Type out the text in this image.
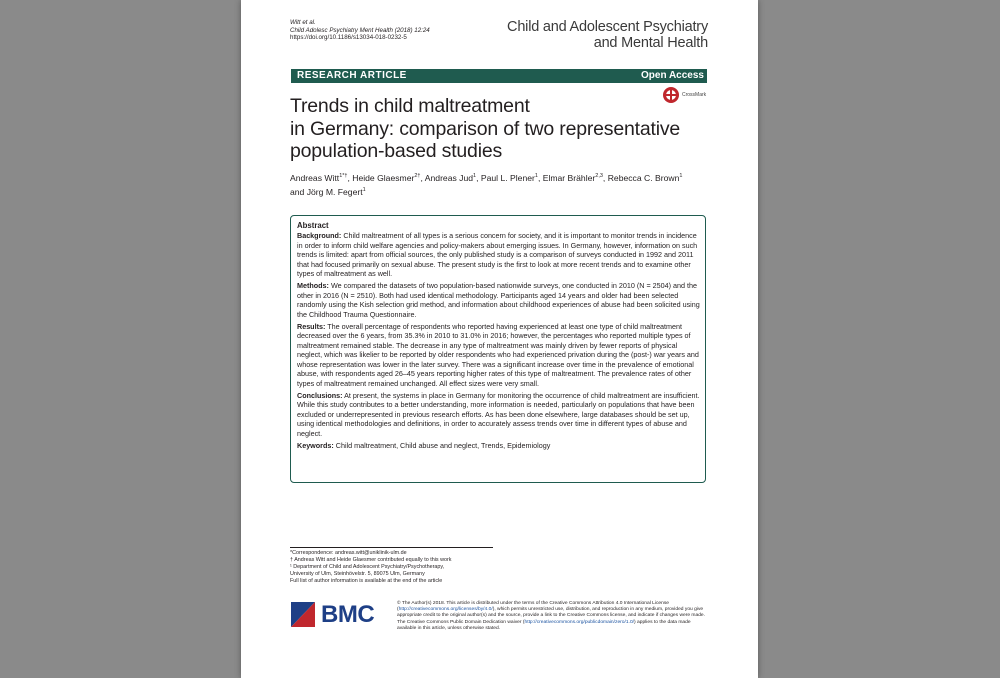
Witt et al.
Child Adolesc Psychiatry Ment Health (2018) 12:24
https://doi.org/10.1186/s13034-018-0232-5
Child and Adolescent Psychiatry
and Mental Health
RESEARCH ARTICLE	Open Access
CrossMark
Trends in child maltreatment
in Germany: comparison of two representative
population-based studies
Andreas Witt$^{1*\dagger}$, Heide Glaesmer$^{2\dagger}$, Andreas Jud$^1$, Paul L. Plener$^1$, Elmar Brähler$^{2,3}$, Rebecca C. Brown$^1$
and Jörg M. Fegert$^1$

Abstract

Background: Child maltreatment of all types is a serious concern for society, and it is important to monitor trends in incidence in order to inform child welfare agencies and policy-makers about emerging issues. In Germany, however, information on such trends is limited: apart from official sources, the only published study is a comparison of surveys conducted in 1992 and 2011 that had focused primarily on sexual abuse. The present study is the first to look at more recent trends and to examine other types of maltreatment as well.

Methods: We compared the datasets of two population-based nationwide surveys, one conducted in 2010 (N = 2504) and the other in 2016 (N = 2510). Both had used identical methodology. Participants aged 14 years and older had been selected randomly using the Kish selection grid method, and information about childhood experiences of abuse had been solicited using the Childhood Trauma Questionnaire.

Results: The overall percentage of respondents who reported having experienced at least one type of child maltreatment decreased over the 6 years, from 35.3% in 2010 to 31.0% in 2016; however, the percentages who reported multiple types of maltreatment remained stable. The decrease in any type of maltreatment was mainly driven by fewer reports of physical neglect, which was likelier to be reported by older respondents who had experienced privation during the (post-) war years and whose representation was lower in the later survey. There was a significant increase over time in the prevalence of emotional abuse, with respondents aged 26–45 years reporting higher rates of this type of maltreatment. The prevalence rates of other types of maltreatment remained unchanged. All effect sizes were very small.

Conclusions: At present, the systems in place in Germany for monitoring the occurrence of child maltreatment are insufficient. While this study contributes to a better understanding, more information is needed, particularly on populations that have been excluded or underrepresented in previous research efforts. As has been done elsewhere, large databases should be set up, using identical methodologies and definitions, in order to accurately assess trends over time in different types of abuse and neglect.

Keywords: Child maltreatment, Child abuse and neglect, Trends, Epidemiology

*Correspondence: andreas.witt@uniklinik-ulm.de
† Andreas Witt and Heide Glaesmer contributed equally to this work
¹ Department of Child and Adolescent Psychiatry/Psychotherapy,
University of Ulm, Steinhövelstr. 5, 89075 Ulm, Germany
Full list of author information is available at the end of the article
BMC	© The Author(s) 2018. This article is distributed under the terms of the Creative Commons Attribution 4.0 International License (http://creativecommons.org/licenses/by/4.0/), which permits unrestricted use, distribution, and reproduction in any medium, provided you give appropriate credit to the original author(s) and the source, provide a link to the Creative Commons license, and indicate if changes were made. The Creative Commons Public Domain Dedication waiver (http://creativecommons.org/publicdomain/zero/1.0/) applies to the data made available in this article, unless otherwise stated.
